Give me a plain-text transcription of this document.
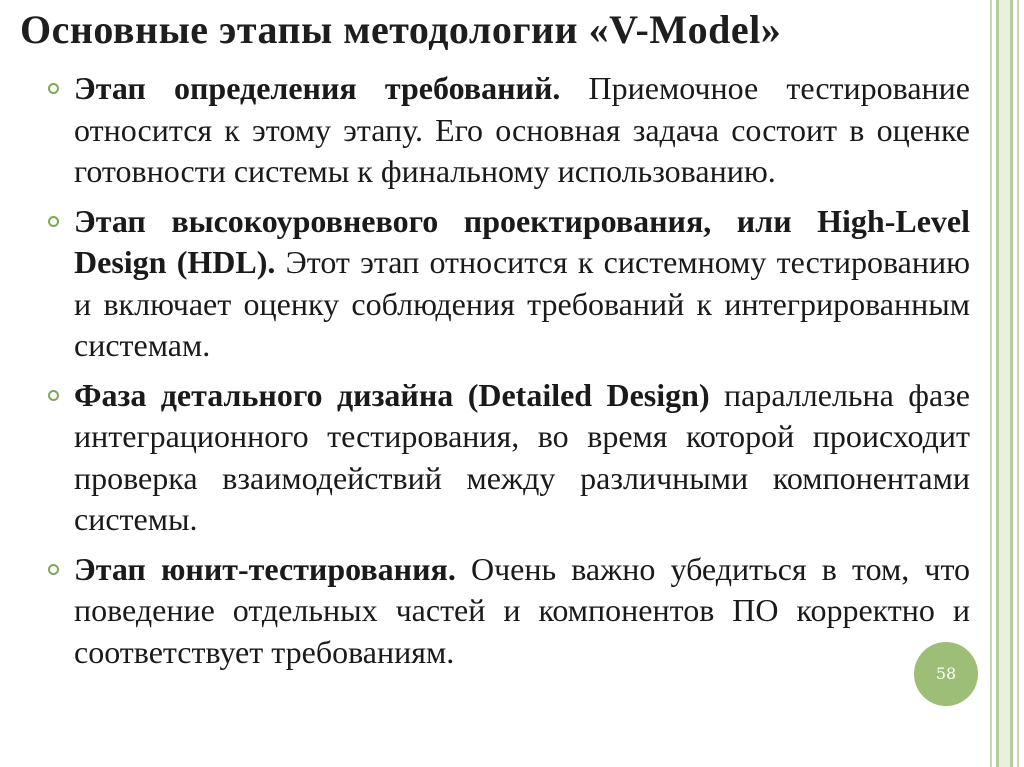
Основные этапы методологии «V-Model»
Этап определения требований. Приемочное тестирование относится к этому этапу. Его основная задача состоит в оценке готовности системы к финальному использованию.
Этап высокоуровневого проектирования, или High-Level Design (HDL). Этот этап относится к системному тестированию и включает оценку соблюдения требований к интегрированным системам.
Фаза детального дизайна (Detailed Design) параллельна фазе интеграционного тестирования, во время которой происходит проверка взаимодействий между различными компонентами системы.
Этап юнит-тестирования. Очень важно убедиться в том, что поведение отдельных частей и компонентов ПО корректно и соответствует требованиям.
58
